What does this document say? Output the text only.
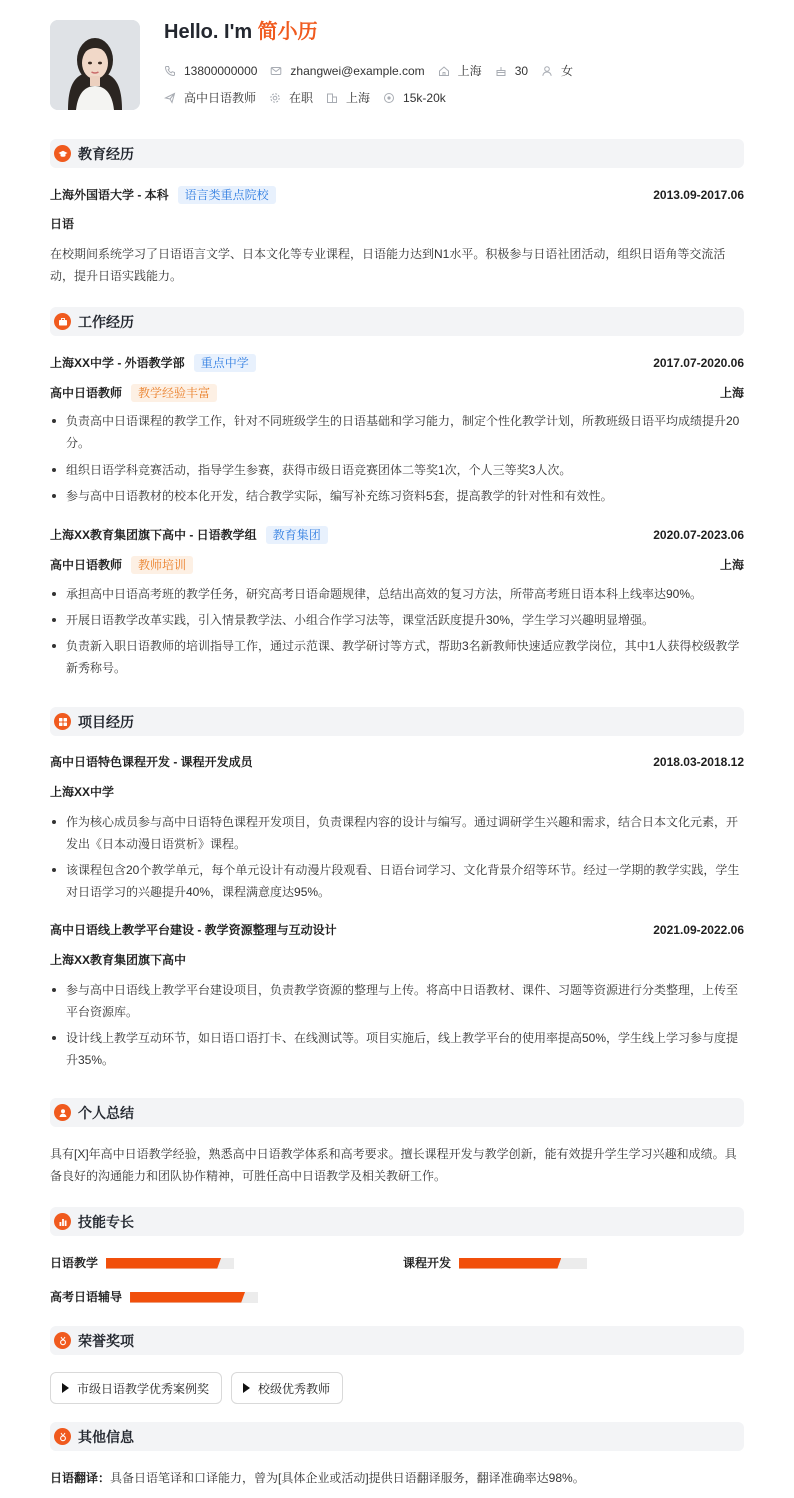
Hello. I'm 简小历
13800000000	zhangwei@example.com	上海	30	女
高中日语教师	在职	上海	15k-20k
教育经历
上海外国语大学 - 本科	语言类重点院校	2013.09-2017.06
日语
在校期间系统学习了日语语言文学、日本文化等专业课程，日语能力达到N1水平。积极参与日语社团活动，组织日语角等交流活动，提升日语实践能力。
工作经历
上海XX中学 - 外语教学部	重点中学	2017.07-2020.06
高中日语教师	教学经验丰富	上海
负责高中日语课程的教学工作，针对不同班级学生的日语基础和学习能力，制定个性化教学计划，所教班级日语平均成绩提升20分。
组织日语学科竞赛活动，指导学生参赛，获得市级日语竞赛团体二等奖1次，个人三等奖3人次。
参与高中日语教材的校本化开发，结合教学实际，编写补充练习资料5套，提高教学的针对性和有效性。
上海XX教育集团旗下高中 - 日语教学组	教育集团	2020.07-2023.06
高中日语教师	教师培训	上海
承担高中日语高考班的教学任务，研究高考日语命题规律，总结出高效的复习方法，所带高考班日语本科上线率达90%。
开展日语教学改革实践，引入情景教学法、小组合作学习法等，课堂活跃度提升30%，学生学习兴趣明显增强。
负责新入职日语教师的培训指导工作，通过示范课、教学研讨等方式，帮助3名新教师快速适应教学岗位，其中1人获得校级教学新秀称号。
项目经历
高中日语特色课程开发 - 课程开发成员	2018.03-2018.12
上海XX中学
作为核心成员参与高中日语特色课程开发项目，负责课程内容的设计与编写。通过调研学生兴趣和需求，结合日本文化元素，开发出《日本动漫日语赏析》课程。
该课程包含20个教学单元，每个单元设计有动漫片段观看、日语台词学习、文化背景介绍等环节。经过一学期的教学实践，学生对日语学习的兴趣提升40%，课程满意度达95%。
高中日语线上教学平台建设 - 教学资源整理与互动设计	2021.09-2022.06
上海XX教育集团旗下高中
参与高中日语线上教学平台建设项目，负责教学资源的整理与上传。将高中日语教材、课件、习题等资源进行分类整理，上传至平台资源库。
设计线上教学互动环节，如日语口语打卡、在线测试等。项目实施后，线上教学平台的使用率提高50%，学生线上学习参与度提升35%。
个人总结
具有[X]年高中日语教学经验，熟悉高中日语教学体系和高考要求。擅长课程开发与教学创新，能有效提升学生学习兴趣和成绩。具备良好的沟通能力和团队协作精神，可胜任高中日语教学及相关教研工作。
技能专长
日语教学	课程开发
高考日语辅导
荣誉奖项
市级日语教学优秀案例奖	校级优秀教师
其他信息
日语翻译：具备日语笔译和口译能力，曾为[具体企业或活动]提供日语翻译服务，翻译准确率达98%。
